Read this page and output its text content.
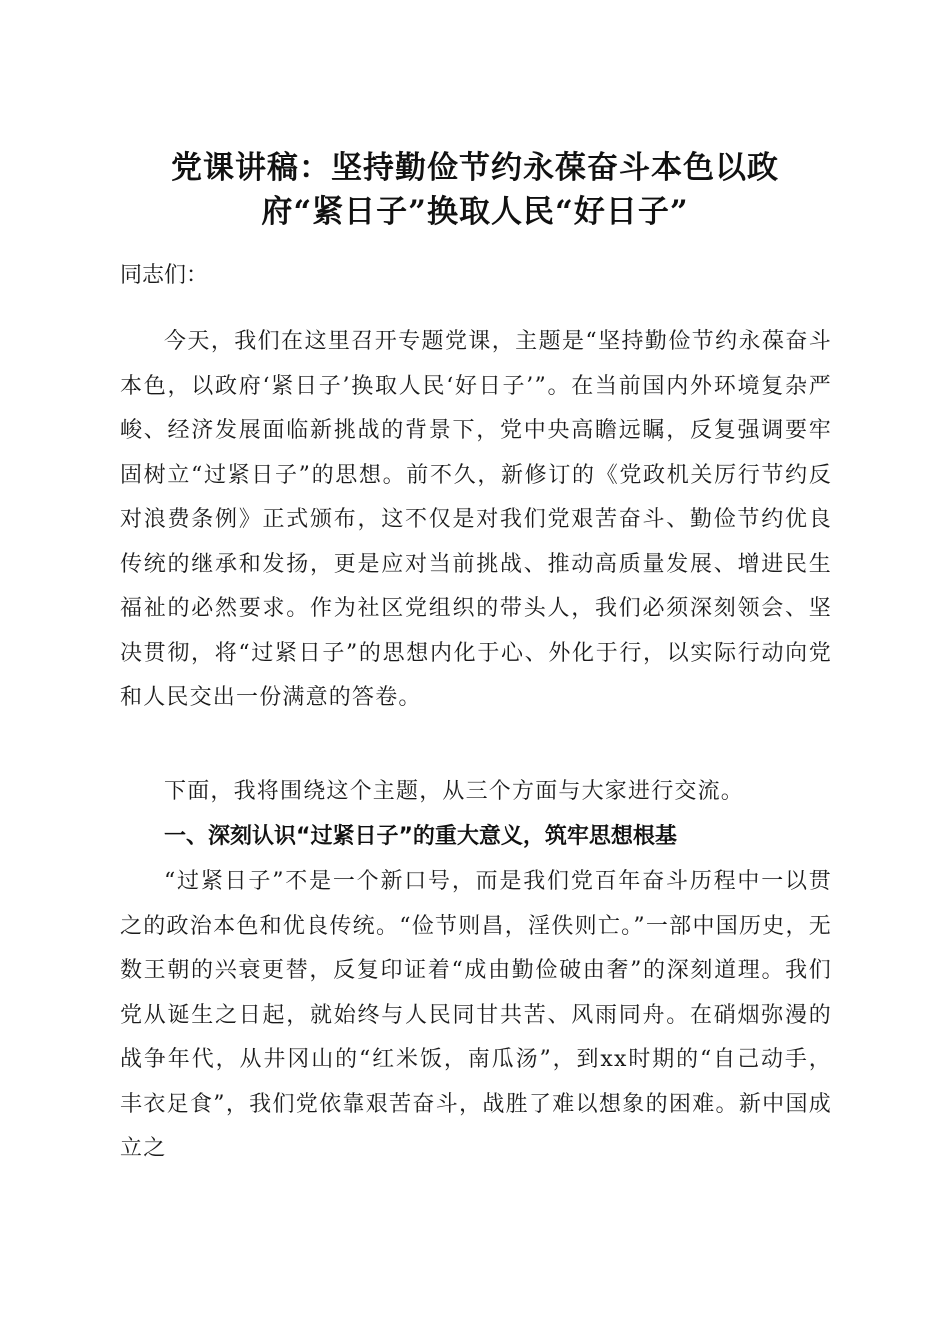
党课讲稿：坚持勤俭节约永葆奋斗本色以政
府“紧日子”换取人民“好日子”
同志们：

今天，我们在这里召开专题党课，主题是“坚持勤俭节约永葆奋斗本色，以政府‘紧日子’换取人民‘好日子’”。在当前国内外环境复杂严峻、经济发展面临新挑战的背景下，党中央高瞻远瞩，反复强调要牢固树立“过紧日子”的思想。前不久，新修订的《党政机关厉行节约反对浪费条例》正式颁布，这不仅是对我们党艰苦奋斗、勤俭节约优良传统的继承和发扬，更是应对当前挑战、推动高质量发展、增进民生福祉的必然要求。作为社区党组织的带头人，我们必须深刻领会、坚决贯彻，将“过紧日子”的思想内化于心、外化于行，以实际行动向党和人民交出一份满意的答卷。

下面，我将围绕这个主题，从三个方面与大家进行交流。

一、深刻认识“过紧日子”的重大意义，筑牢思想根基

“过紧日子”不是一个新口号，而是我们党百年奋斗历程中一以贯之的政治本色和优良传统。“俭节则昌，淫佚则亡。”一部中国历史，无数王朝的兴衰更替，反复印证着“成由勤俭破由奢”的深刻道理。我们党从诞生之日起，就始终与人民同甘共苦、风雨同舟。在硝烟弥漫的战争年代，从井冈山的“红米饭，南瓜汤”，到xx时期的“自己动手，丰衣足食”，我们党依靠艰苦奋斗，战胜了难以想象的困难。新中国成立之
